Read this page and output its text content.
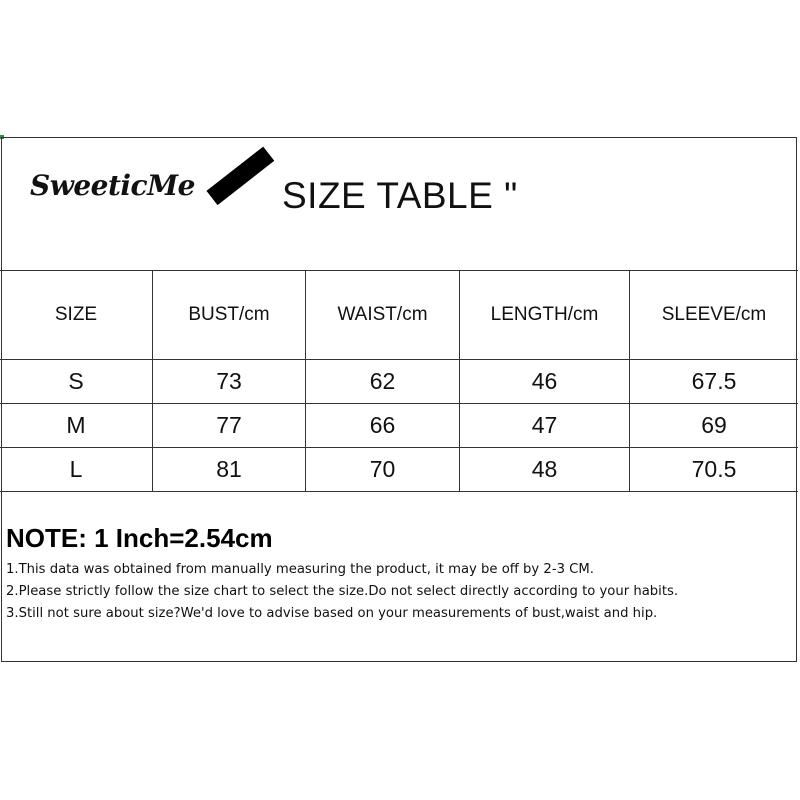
SweeticMe SIZE TABLE "
SIZE	BUST/cm	WAIST/cm	LENGTH/cm	SLEEVE/cm
S	73	62	46	67.5
M	77	66	47	69
L	81	70	48	70.5
NOTE: 1 Inch=2.54cm
1.This data was obtained from manually measuring the product, it may be off by 2-3 CM.
2.Please strictly follow the size chart to select the size.Do not select directly according to your habits.
3.Still not sure about size?We'd love to advise based on your measurements of bust,waist and hip.
